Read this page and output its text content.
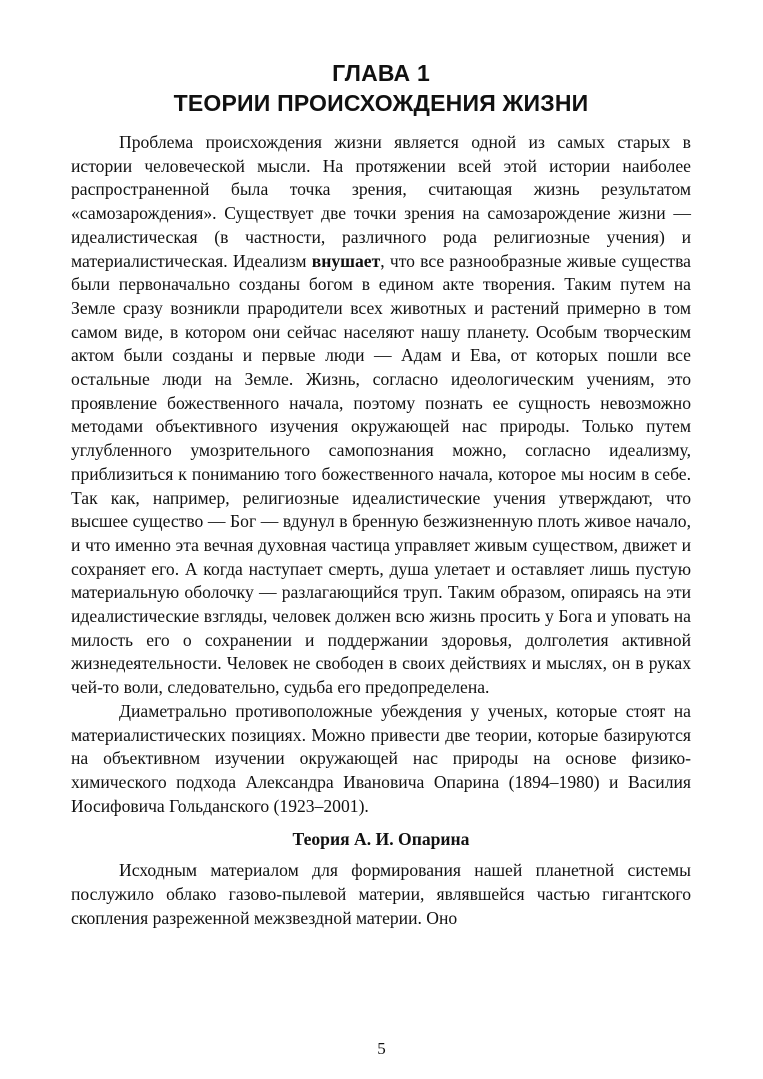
ГЛАВА 1
ТЕОРИИ ПРОИСХОЖДЕНИЯ ЖИЗНИ

Проблема происхождения жизни является одной из самых старых в истории человеческой мысли. На протяжении всей этой истории наиболее распространенной была точка зрения, считающая жизнь результатом «самозарождения». Существует две точки зрения на самозарождение жизни — идеалистическая (в частности, различного рода религиозные учения) и материалистическая. Идеализм внушает, что все разнообразные живые существа были первоначально созданы богом в едином акте творения. Таким путем на Земле сразу возникли прародители всех животных и растений примерно в том самом виде, в котором они сейчас населяют нашу планету. Особым творческим актом были созданы и первые люди — Адам и Ева, от которых пошли все остальные люди на Земле. Жизнь, согласно идеологическим учениям, это проявление божественного начала, поэтому познать ее сущность невозможно методами объективного изучения окружающей нас природы. Только путем углубленного умозрительного самопознания можно, согласно идеализму, приблизиться к пониманию того божественного начала, которое мы носим в себе. Так как, например, религиозные идеалистические учения утверждают, что высшее существо — Бог — вдунул в бренную безжизненную плоть живое начало, и что именно эта вечная духовная частица управляет живым существом, движет и сохраняет его. А когда наступает смерть, душа улетает и оставляет лишь пустую материальную оболочку — разлагающийся труп. Таким образом, опираясь на эти идеалистические взгляды, человек должен всю жизнь просить у Бога и уповать на милость его о сохранении и поддержании здоровья, долголетия активной жизнедеятельности. Человек не свободен в своих действиях и мыслях, он в руках чей-то воли, следовательно, судьба его предопределена.

Диаметрально противоположные убеждения у ученых, которые стоят на материалистических позициях. Можно привести две теории, которые базируются на объективном изучении окружающей нас природы на основе физико-химического подхода Александра Ивановича Опарина (1894–1980) и Василия Иосифовича Гольданского (1923–2001).

Теория А. И. Опарина

Исходным материалом для формирования нашей планетной системы послужило облако газово-пылевой материи, являвшейся частью гигантского скопления разреженной межзвездной материи. Оно

5
